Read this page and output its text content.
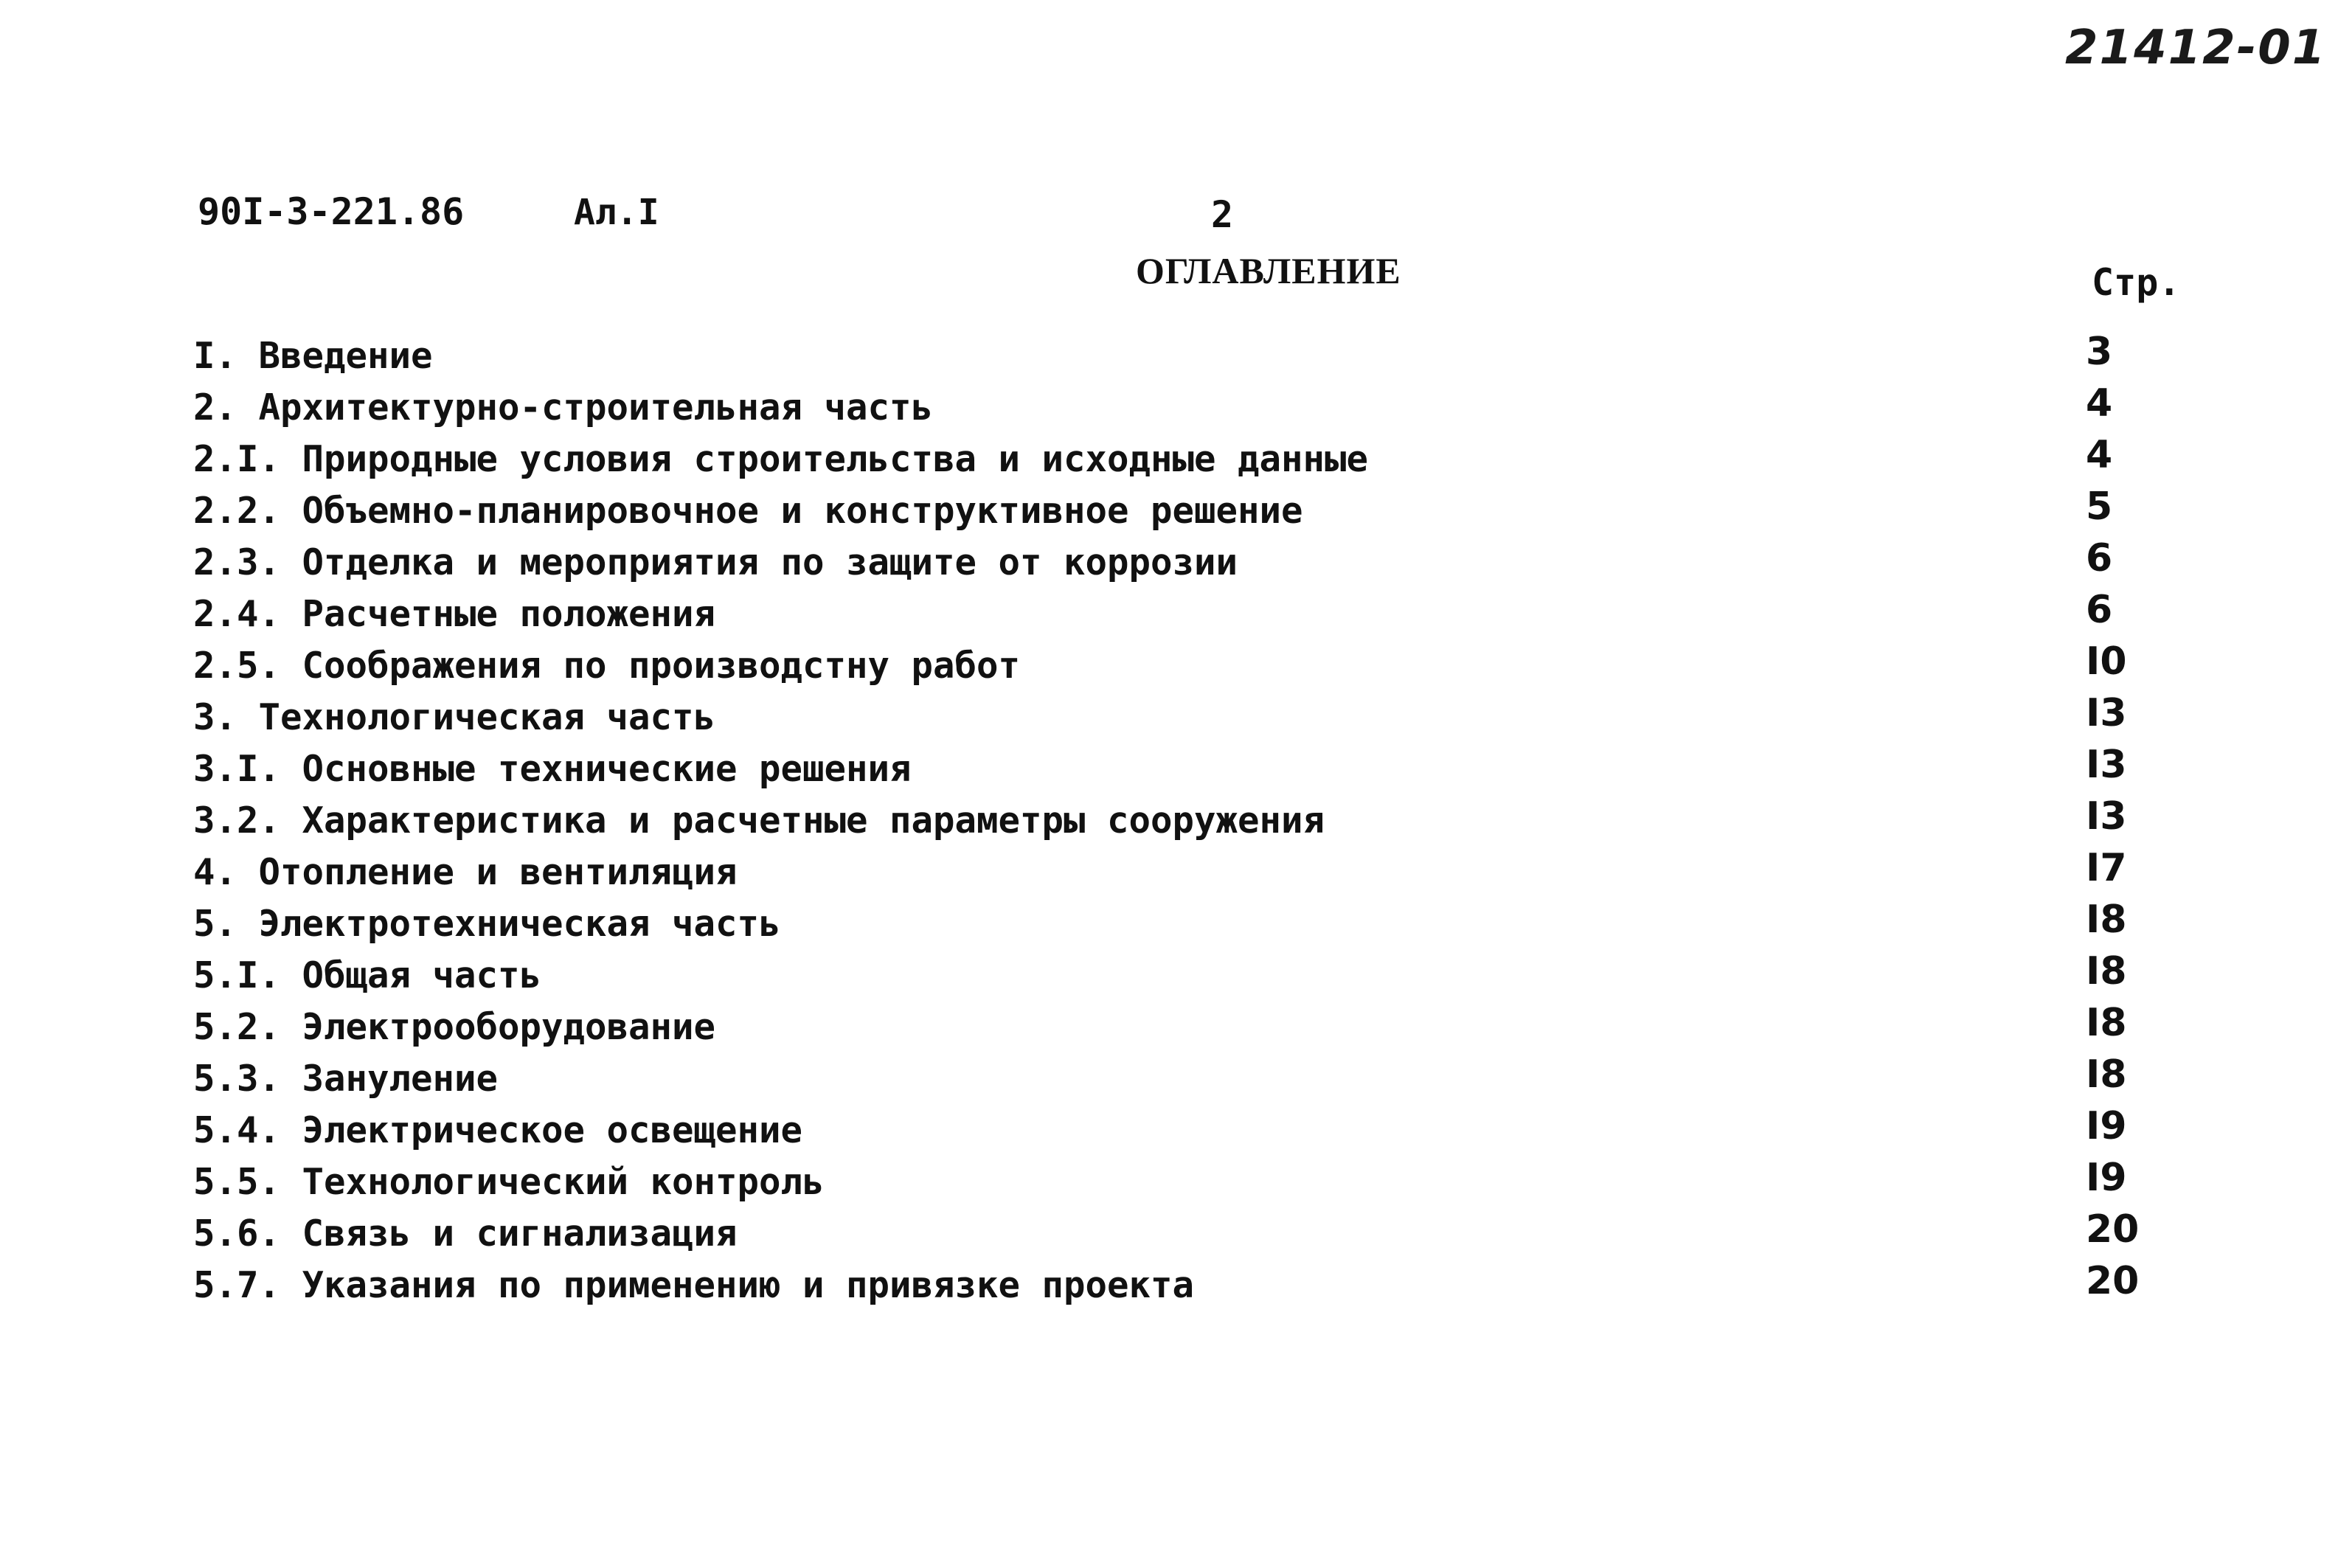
21412-01
90I-3-221.86	Ал.I	2
ОГЛАВЛЕНИЕ	Стр.
I. Введение	3
2. Архитектурно-строительная часть	4
2.I. Природные условия строительства и исходные данные	4
2.2. Объемно-планировочное и конструктивное решение	5
2.3. Отделка и мероприятия по защите от коррозии	6
2.4. Расчетные положения	6
2.5. Соображения по производстну работ	I0
3. Технологическая часть	I3
3.I. Основные технические решения	I3
3.2. Характеристика и расчетные параметры сооружения	I3
4. Отопление и вентиляция	I7
5. Электротехническая часть	I8
5.I. Общая часть	I8
5.2. Электрооборудование	I8
5.3. Зануление	I8
5.4. Электрическое освещение	I9
5.5. Технологический контроль	I9
5.6. Связь и сигнализация	20
5.7. Указания по применению и привязке проекта	20
